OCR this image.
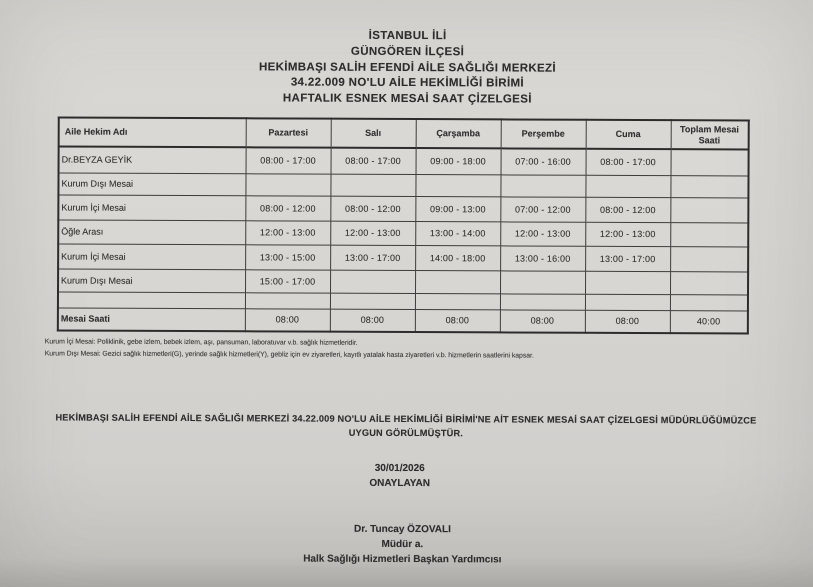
İSTANBUL İLİ
GÜNGÖREN İLÇESİ
HEKİMBAŞI SALİH EFENDİ AİLE SAĞLIĞI MERKEZİ
34.22.009 NO'LU AİLE HEKİMLİĞİ BİRİMİ
HAFTALIK ESNEK MESAİ SAAT ÇİZELGESİ
Aile Hekim Adı	Pazartesi	Salı	Çarşamba	Perşembe	Cuma	Toplam Mesai Saati
Dr.BEYZA GEYİK	08:00 - 17:00	08:00 - 17:00	09:00 - 18:00	07:00 - 16:00	08:00 - 17:00	
Kurum Dışı Mesai						
Kurum İçi Mesai	08:00 - 12:00	08:00 - 12:00	09:00 - 13:00	07:00 - 12:00	08:00 - 12:00	
Öğle Arası	12:00 - 13:00	12:00 - 13:00	13:00 - 14:00	12:00 - 13:00	12:00 - 13:00	
Kurum İçi Mesai	13:00 - 15:00	13:00 - 17:00	14:00 - 18:00	13:00 - 16:00	13:00 - 17:00	
Kurum Dışı Mesai	15:00 - 17:00					

Mesai Saati	08:00	08:00	08:00	08:00	08:00	40:00
Kurum İçi Mesai: Poliklinik, gebe izlem, bebek izlem, aşı, pansuman, laboratuvar v.b. sağlık hizmetleridir.
Kurum Dışı Mesai: Gezici sağlık hizmetleri(G), yerinde sağlık hizmetleri(Y), gebliz için ev ziyaretleri, kayıtlı yatalak hasta ziyaretleri v.b. hizmetlerin saatlerini kapsar.
HEKİMBAŞI SALİH EFENDİ AİLE SAĞLIĞI MERKEZİ 34.22.009 NO'LU AİLE HEKİMLİĞİ BİRİMİ'NE AİT ESNEK MESAİ SAAT ÇİZELGESİ MÜDÜRLÜĞÜMÜZCE UYGUN GÖRÜLMÜŞTÜR.
30/01/2026
ONAYLAYAN
Dr. Tuncay ÖZOVALI
Müdür a.
Halk Sağlığı Hizmetleri Başkan Yardımcısı
